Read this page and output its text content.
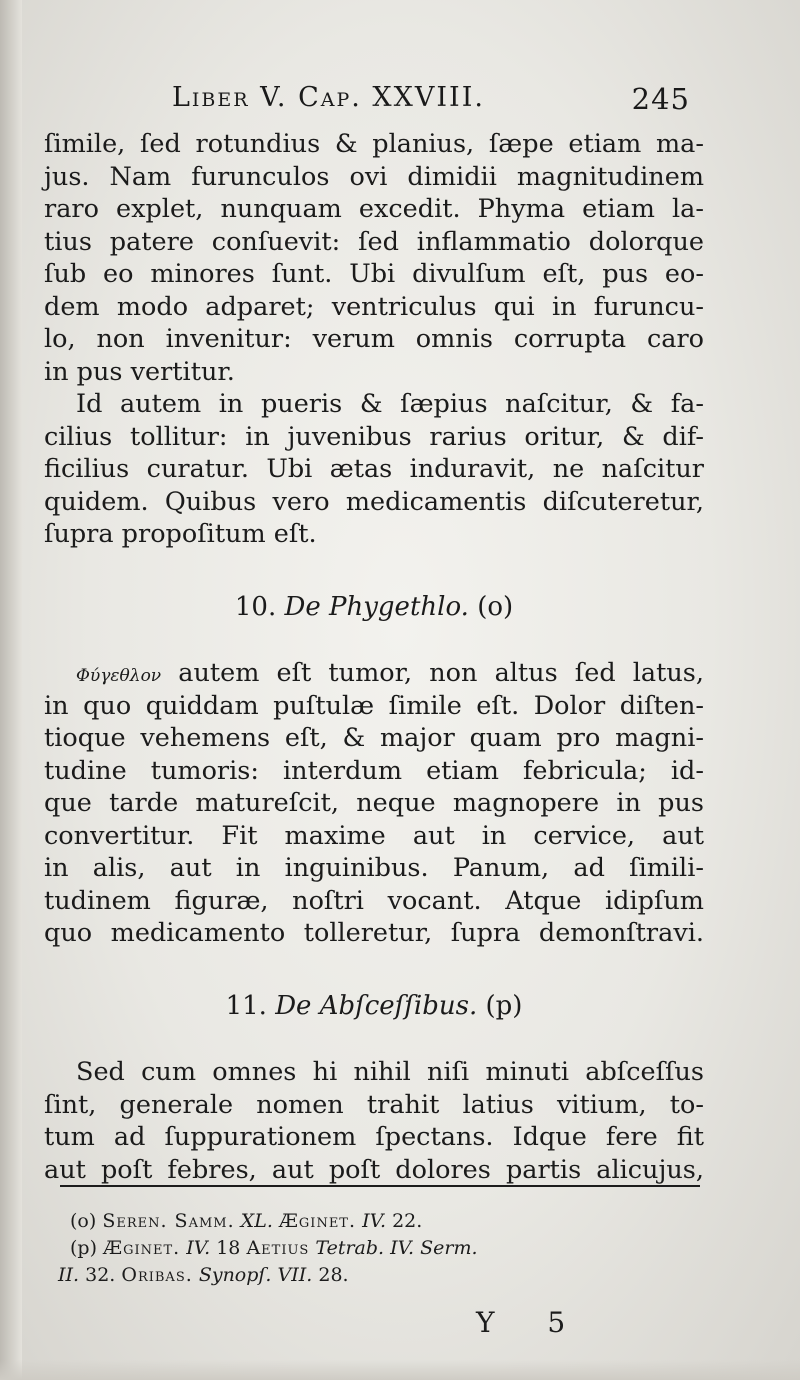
Liber V. Cap. XXVIII.	245
ſimile, ſed rotundius & planius, ſæpe etiam ma-
jus. Nam furunculos ovi dimidii magnitudinem
raro explet, nunquam excedit. Phyma etiam la-
tius patere conſuevit: ſed inflammatio dolorque
ſub eo minores ſunt. Ubi divulſum eſt, pus eo-
dem modo adparet; ventriculus qui in furuncu-
lo, non invenitur: verum omnis corrupta caro
in pus vertitur.
Id autem in pueris & ſæpius naſcitur, & fa-
cilius tollitur: in juvenibus rarius oritur, & dif-
ficilius curatur. Ubi ætas induravit, ne naſcitur
quidem. Quibus vero medicamentis diſcuteretur,
ſupra propoſitum eſt.
10. De Phygethlo. (o)
Φύγεθλον autem eſt tumor, non altus ſed latus,
in quo quiddam puſtulæ ſimile eſt. Dolor diſten-
tioque vehemens eſt, & major quam pro magni-
tudine tumoris: interdum etiam febricula; id-
que tarde matureſcit, neque magnopere in pus
convertitur. Fit maxime aut in cervice, aut
in alis, aut in inguinibus. Panum, ad ſimili-
tudinem figuræ, noſtri vocant. Atque idipſum
quo medicamento tolleretur, ſupra demonſtravi.
11. De Abſceſſibus. (p)
Sed cum omnes hi nihil niſi minuti abſceſſus
ſint, generale nomen trahit latius vitium, to-
tum ad ſuppurationem ſpectans. Idque fere fit
aut poſt febres, aut poſt dolores partis alicujus,
(o) Seren. Samm. XL. Æginet. IV. 22.
(p) Æginet. IV. 18 Aetius Tetrab. IV. Serm.
II. 32. Oribas. Synopſ. VII. 28.
Y 5
